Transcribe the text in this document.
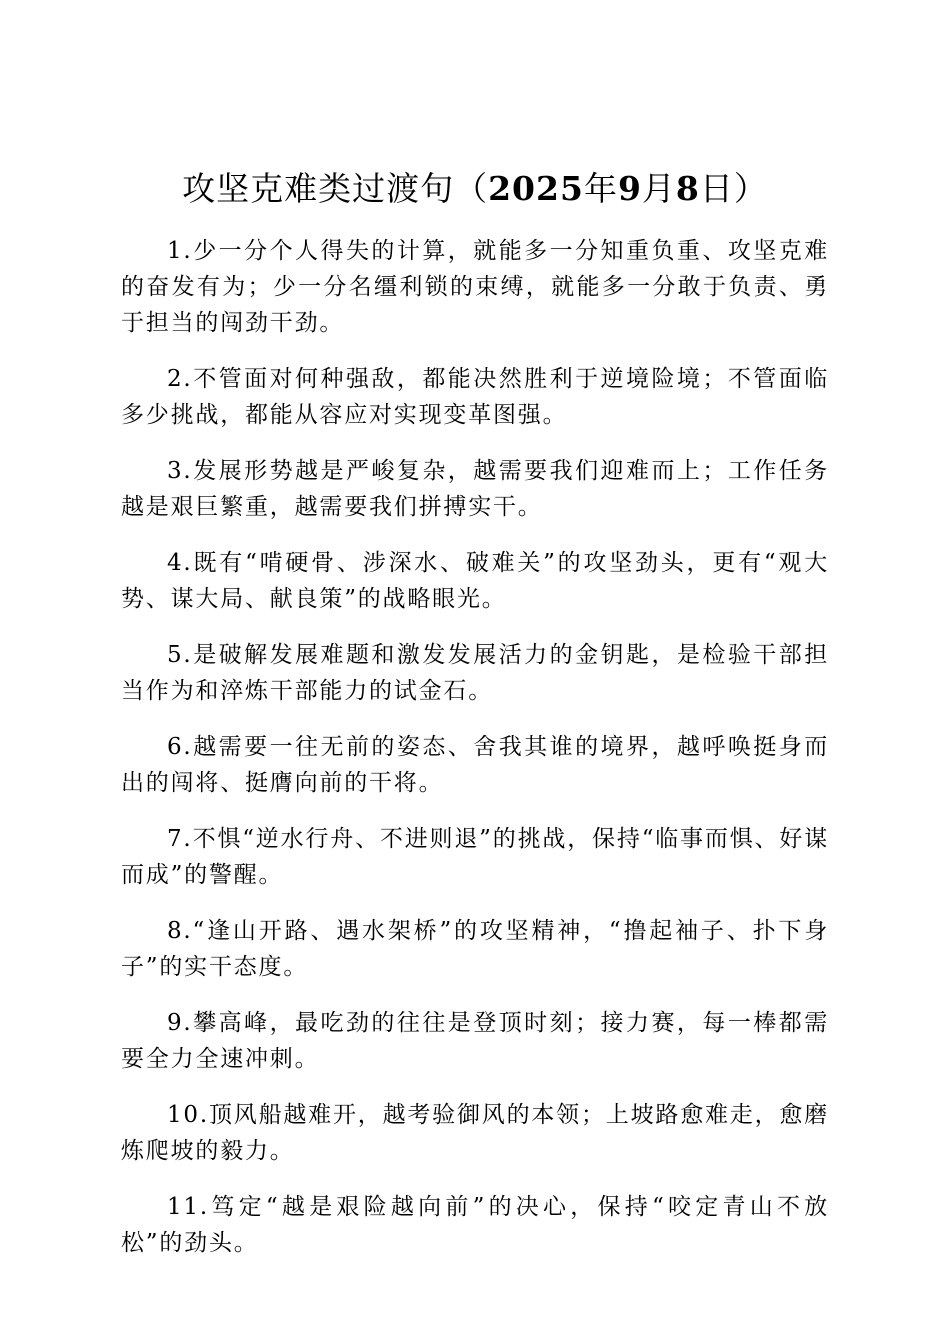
攻坚克难类过渡句（2025年9月8日）

1.少一分个人得失的计算，就能多一分知重负重、攻坚克难的奋发有为；少一分名缰利锁的束缚，就能多一分敢于负责、勇于担当的闯劲干劲。

2.不管面对何种强敌，都能决然胜利于逆境险境；不管面临多少挑战，都能从容应对实现变革图强。

3.发展形势越是严峻复杂，越需要我们迎难而上；工作任务越是艰巨繁重，越需要我们拼搏实干。

4.既有“啃硬骨、涉深水、破难关”的攻坚劲头，更有“观大势、谋大局、献良策”的战略眼光。

5.是破解发展难题和激发发展活力的金钥匙，是检验干部担当作为和淬炼干部能力的试金石。

6.越需要一往无前的姿态、舍我其谁的境界，越呼唤挺身而出的闯将、挺膺向前的干将。

7.不惧“逆水行舟、不进则退”的挑战，保持“临事而惧、好谋而成”的警醒。

8.“逢山开路、遇水架桥”的攻坚精神，“撸起袖子、扑下身子”的实干态度。

9.攀高峰，最吃劲的往往是登顶时刻；接力赛，每一棒都需要全力全速冲刺。

10.顶风船越难开，越考验御风的本领；上坡路愈难走，愈磨炼爬坡的毅力。

11.笃定“越是艰险越向前”的决心，保持“咬定青山不放松”的劲头。
